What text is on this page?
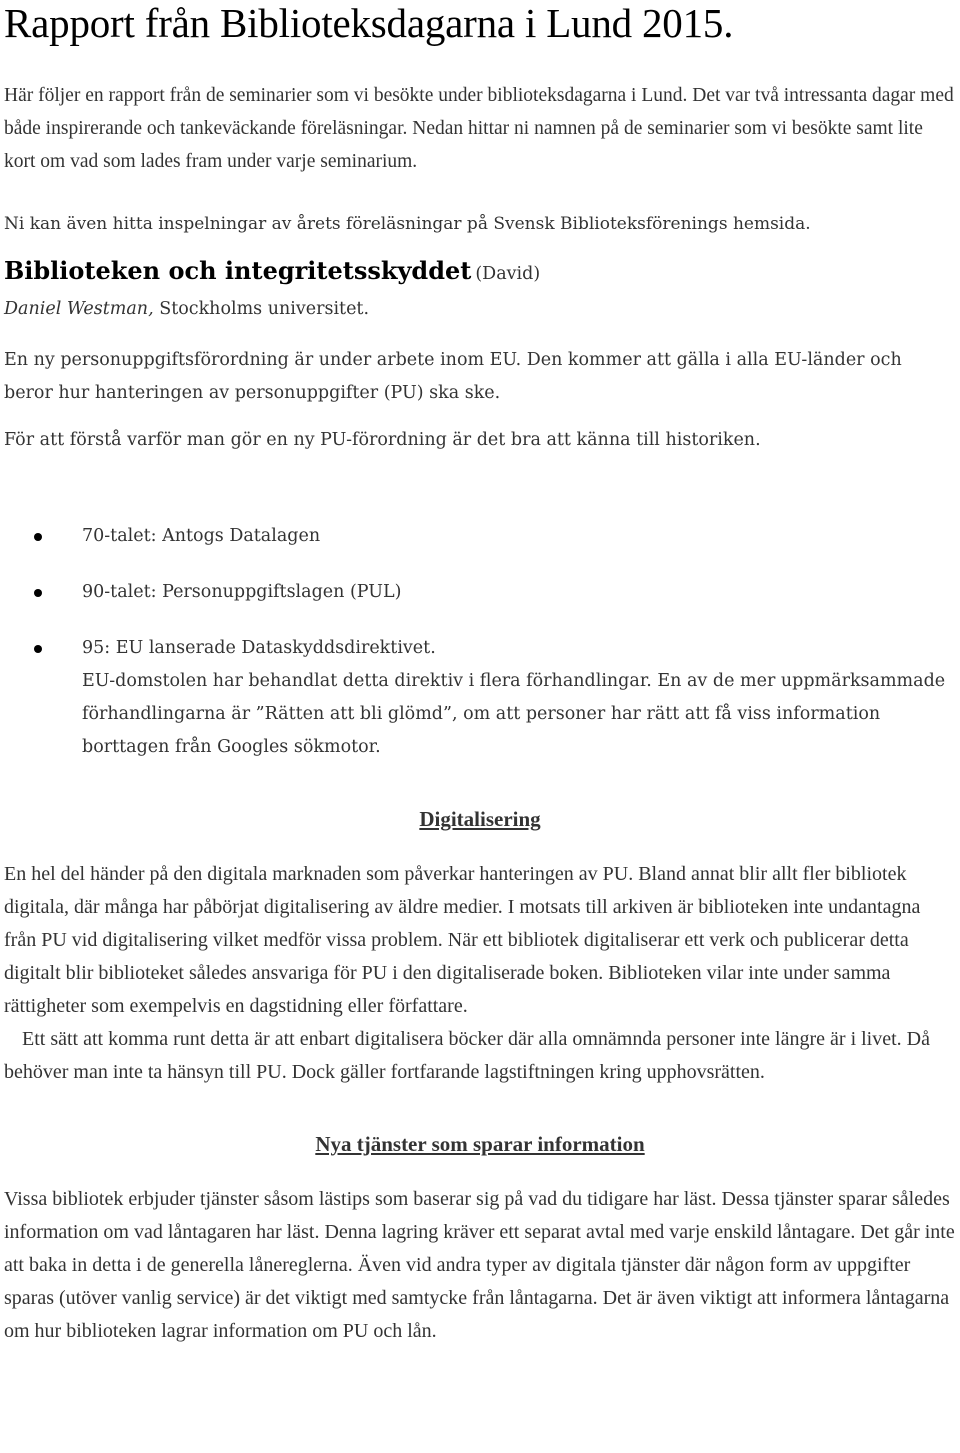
Rapport från Biblioteksdagarna i Lund 2015.

Här följer en rapport från de seminarier som vi besökte under biblioteksdagarna i Lund. Det var två intressanta dagar med både inspirerande och tankeväckande föreläsningar. Nedan hittar ni namnen på de seminarier som vi besökte samt lite kort om vad som lades fram under varje seminarium.

Ni kan även hitta inspelningar av årets föreläsningar på Svensk Biblioteksförenings hemsida.

Biblioteken och integritetsskyddet (David)

Daniel Westman, Stockholms universitet.

En ny personuppgiftsförordning är under arbete inom EU. Den kommer att gälla i alla EU-länder och beror hur hanteringen av personuppgifter (PU) ska ske.

För att förstå varför man gör en ny PU-förordning är det bra att känna till historiken.

70-talet: Antogs Datalagen
90-talet: Personuppgiftslagen (PUL)
95: EU lanserade Dataskyddsdirektivet.
EU-domstolen har behandlat detta direktiv i flera förhandlingar. En av de mer uppmärksammade förhandlingarna är ”Rätten att bli glömd”, om att personer har rätt att få viss information borttagen från Googles sökmotor.
Digitalisering

En hel del händer på den digitala marknaden som påverkar hanteringen av PU. Bland annat blir allt fler bibliotek digitala, där många har påbörjat digitalisering av äldre medier. I motsats till arkiven är biblioteken inte undantagna från PU vid digitalisering vilket medför vissa problem. När ett bibliotek digitaliserar ett verk och publicerar detta digitalt blir biblioteket således ansvariga för PU i den digitaliserade boken. Biblioteken vilar inte under samma rättigheter som exempelvis en dagstidning eller författare.

Ett sätt att komma runt detta är att enbart digitalisera böcker där alla omnämnda personer inte längre är i livet. Då behöver man inte ta hänsyn till PU. Dock gäller fortfarande lagstiftningen kring upphovsrätten.

Nya tjänster som sparar information

Vissa bibliotek erbjuder tjänster såsom lästips som baserar sig på vad du tidigare har läst. Dessa tjänster sparar således information om vad låntagaren har läst. Denna lagring kräver ett separat avtal med varje enskild låntagare. Det går inte att baka in detta i de generella lånereglerna. Även vid andra typer av digitala tjänster där någon form av uppgifter sparas (utöver vanlig service) är det viktigt med samtycke från låntagarna. Det är även viktigt att informera låntagarna om hur biblioteken lagrar information om PU och lån.
